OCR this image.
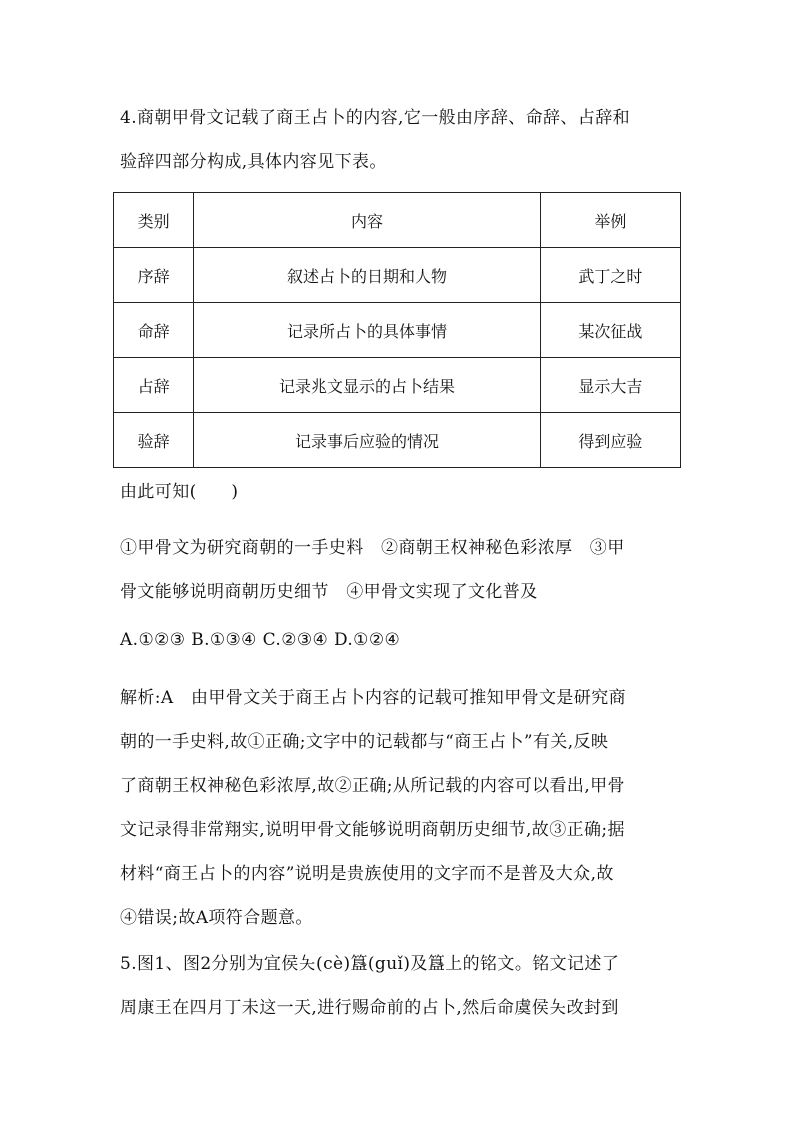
4.商朝甲骨文记载了商王占卜的内容,它一般由序辞、命辞、占辞和
验辞四部分构成,具体内容见下表。
类别	内容	举例
序辞	叙述占卜的日期和人物	武丁之时
命辞	记录所占卜的具体事情	某次征战
占辞	记录兆文显示的占卜结果	显示大吉
验辞	记录事后应验的情况	得到应验
由此可知(　　)
①甲骨文为研究商朝的一手史料　②商朝王权神秘色彩浓厚　③甲
骨文能够说明商朝历史细节　④甲骨文实现了文化普及
A.①②③ B.①③④ C.②③④ D.①②④
解析:A　由甲骨文关于商王占卜内容的记载可推知甲骨文是研究商
朝的一手史料,故①正确;文字中的记载都与“商王占卜”有关,反映
了商朝王权神秘色彩浓厚,故②正确;从所记载的内容可以看出,甲骨
文记录得非常翔实,说明甲骨文能够说明商朝历史细节,故③正确;据
材料“商王占卜的内容”说明是贵族使用的文字而不是普及大众,故
④错误;故A项符合题意。
5.图1、图2分别为宜侯夨(cè)簋(guǐ)及簋上的铭文。铭文记述了
周康王在四月丁未这一天,进行赐命前的占卜,然后命虞侯夨改封到
